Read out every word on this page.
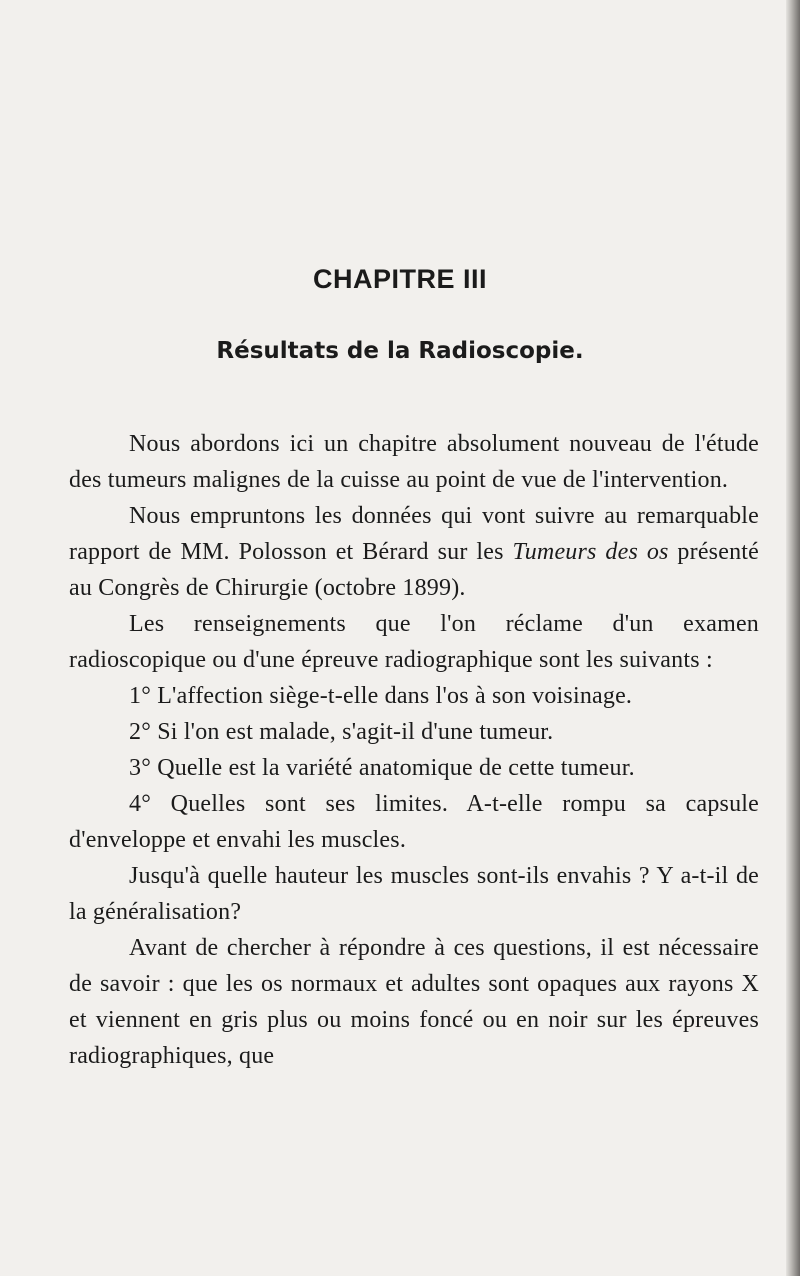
CHAPITRE III
Résultats de la Radioscopie.

Nous abordons ici un chapitre absolument nouveau de l'étude des tumeurs malignes de la cuisse au point de vue de l'intervention.

Nous empruntons les données qui vont suivre au remarquable rapport de MM. Polosson et Bérard sur les Tumeurs des os présenté au Congrès de Chirurgie (octobre 1899).

Les renseignements que l'on réclame d'un examen radioscopique ou d'une épreuve radiographique sont les suivants :

1° L'affection siège-t-elle dans l'os à son voisinage.

2° Si l'on est malade, s'agit-il d'une tumeur.

3° Quelle est la variété anatomique de cette tumeur.

4° Quelles sont ses limites. A-t-elle rompu sa capsule d'enveloppe et envahi les muscles.

Jusqu'à quelle hauteur les muscles sont-ils envahis ? Y a-t-il de la généralisation?

Avant de chercher à répondre à ces questions, il est nécessaire de savoir : que les os normaux et adultes sont opaques aux rayons X et viennent en gris plus ou moins foncé ou en noir sur les épreuves radiographiques, que
